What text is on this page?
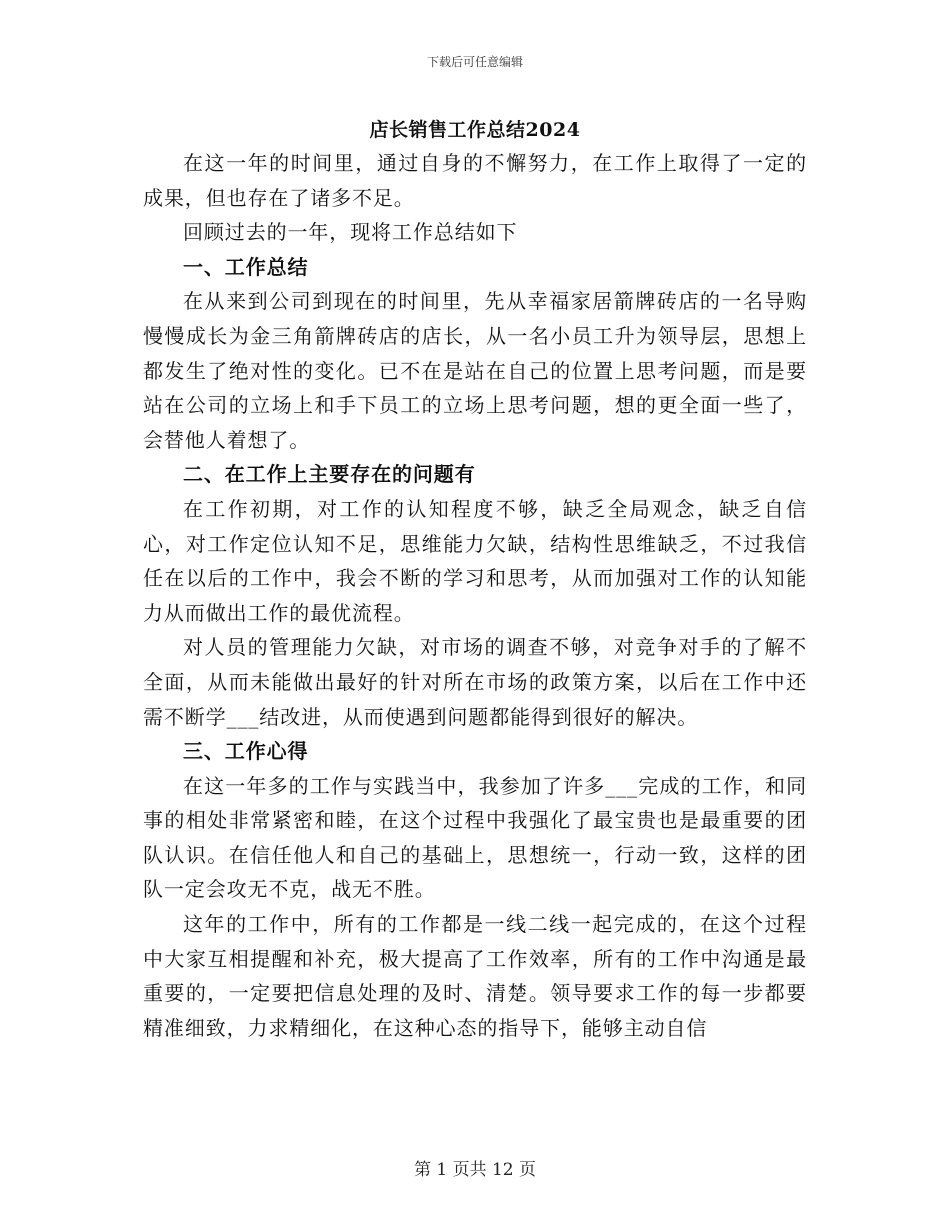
下载后可任意编辑
店长销售工作总结2024

在这一年的时间里，通过自身的不懈努力，在工作上取得了一定的成果，但也存在了诸多不足。

回顾过去的一年，现将工作总结如下

一、工作总结

在从来到公司到现在的时间里，先从幸福家居箭牌砖店的一名导购慢慢成长为金三角箭牌砖店的店长，从一名小员工升为领导层，思想上都发生了绝对性的变化。已不在是站在自己的位置上思考问题，而是要站在公司的立场上和手下员工的立场上思考问题，想的更全面一些了，会替他人着想了。

二、在工作上主要存在的问题有

在工作初期，对工作的认知程度不够，缺乏全局观念，缺乏自信心，对工作定位认知不足，思维能力欠缺，结构性思维缺乏，不过我信任在以后的工作中，我会不断的学习和思考，从而加强对工作的认知能力从而做出工作的最优流程。

对人员的管理能力欠缺，对市场的调查不够，对竞争对手的了解不全面，从而未能做出最好的针对所在市场的政策方案，以后在工作中还需不断学___结改进，从而使遇到问题都能得到很好的解决。

三、工作心得

在这一年多的工作与实践当中，我参加了许多___完成的工作，和同事的相处非常紧密和睦，在这个过程中我强化了最宝贵也是最重要的团队认识。在信任他人和自己的基础上，思想统一，行动一致，这样的团队一定会攻无不克，战无不胜。

这年的工作中，所有的工作都是一线二线一起完成的，在这个过程中大家互相提醒和补充，极大提高了工作效率，所有的工作中沟通是最重要的，一定要把信息处理的及时、清楚。领导要求工作的每一步都要精准细致，力求精细化，在这种心态的指导下，能够主动自信

第 1 页共 12 页
